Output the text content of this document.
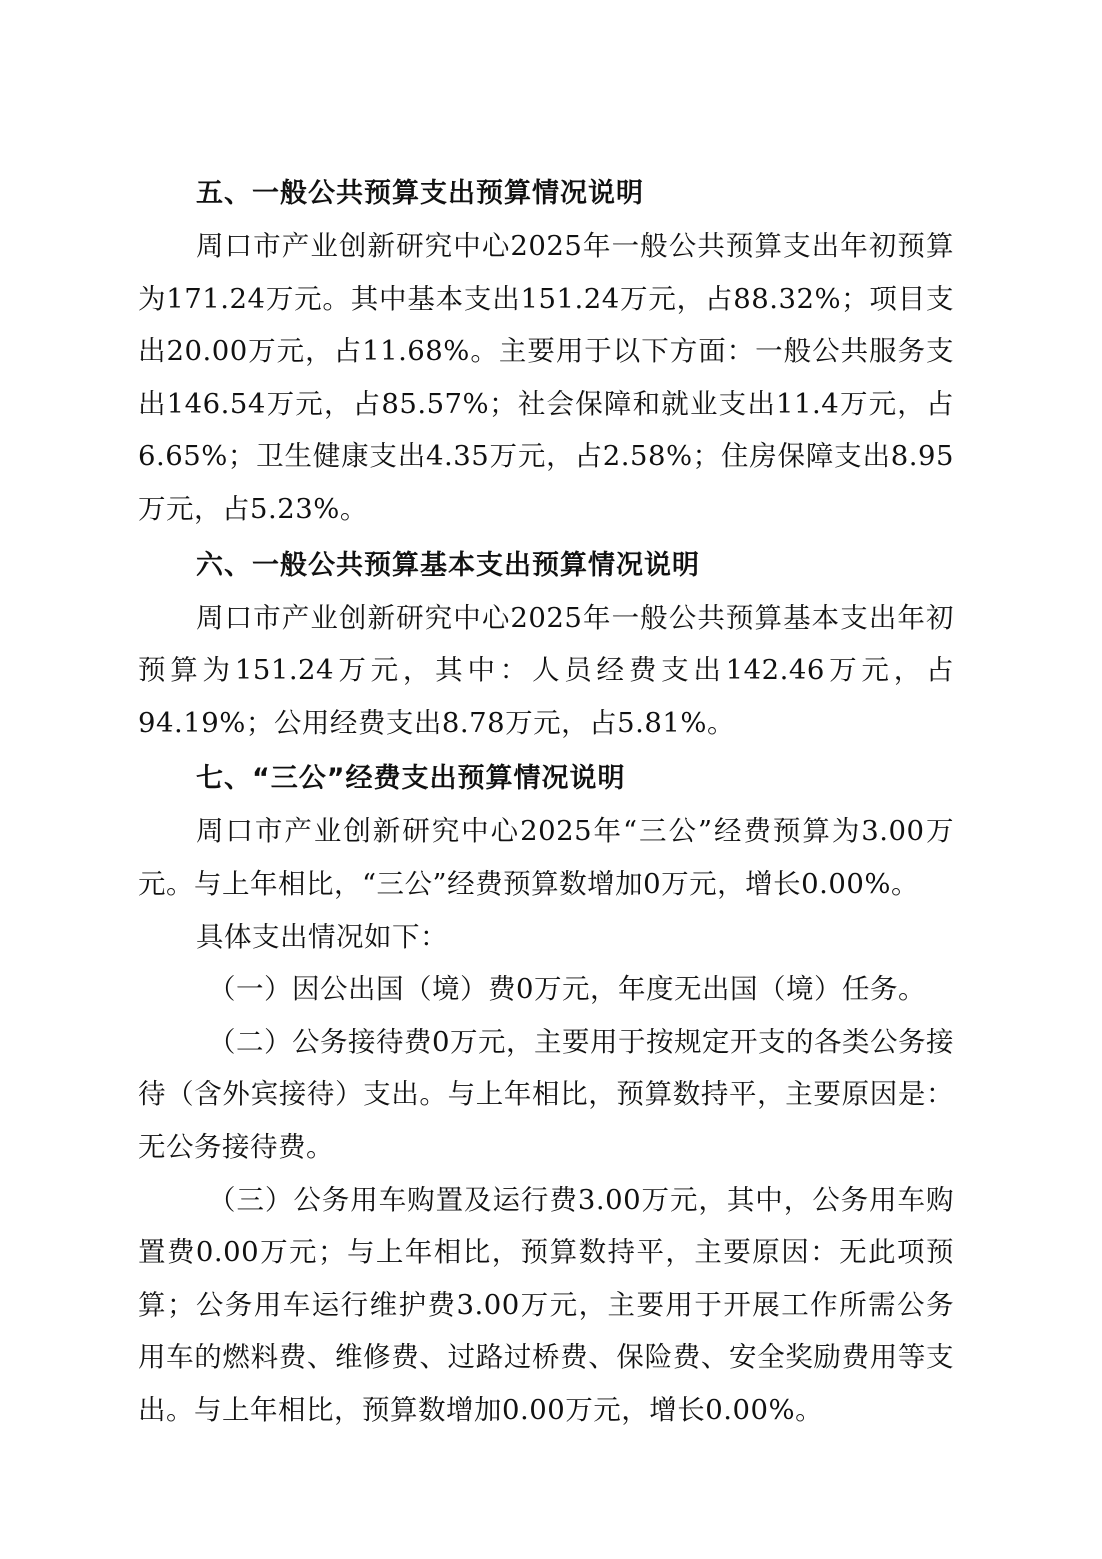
五、一般公共预算支出预算情况说明

周口市产业创新研究中心2025年一般公共预算支出年初预算为171.24万元。其中基本支出151.24万元，占88.32%；项目支出20.00万元，占11.68%。主要用于以下方面：一般公共服务支出146.54万元，占85.57%；社会保障和就业支出11.4万元，占6.65%；卫生健康支出4.35万元，占2.58%；住房保障支出8.95万元，占5.23%。

六、一般公共预算基本支出预算情况说明

周口市产业创新研究中心2025年一般公共预算基本支出年初预算为151.24万元，其中：人员经费支出142.46万元，占94.19%；公用经费支出8.78万元，占5.81%。

七、“三公”经费支出预算情况说明

周口市产业创新研究中心2025年“三公”经费预算为3.00万元。与上年相比，“三公”经费预算数增加0万元，增长0.00%。

具体支出情况如下：

（一）因公出国（境）费0万元，年度无出国（境）任务。

（二）公务接待费0万元，主要用于按规定开支的各类公务接待（含外宾接待）支出。与上年相比，预算数持平，主要原因是：无公务接待费。

（三）公务用车购置及运行费3.00万元，其中，公务用车购置费0.00万元；与上年相比，预算数持平，主要原因：无此项预算；公务用车运行维护费3.00万元，主要用于开展工作所需公务用车的燃料费、维修费、过路过桥费、保险费、安全奖励费用等支出。与上年相比，预算数增加0.00万元，增长0.00%。
